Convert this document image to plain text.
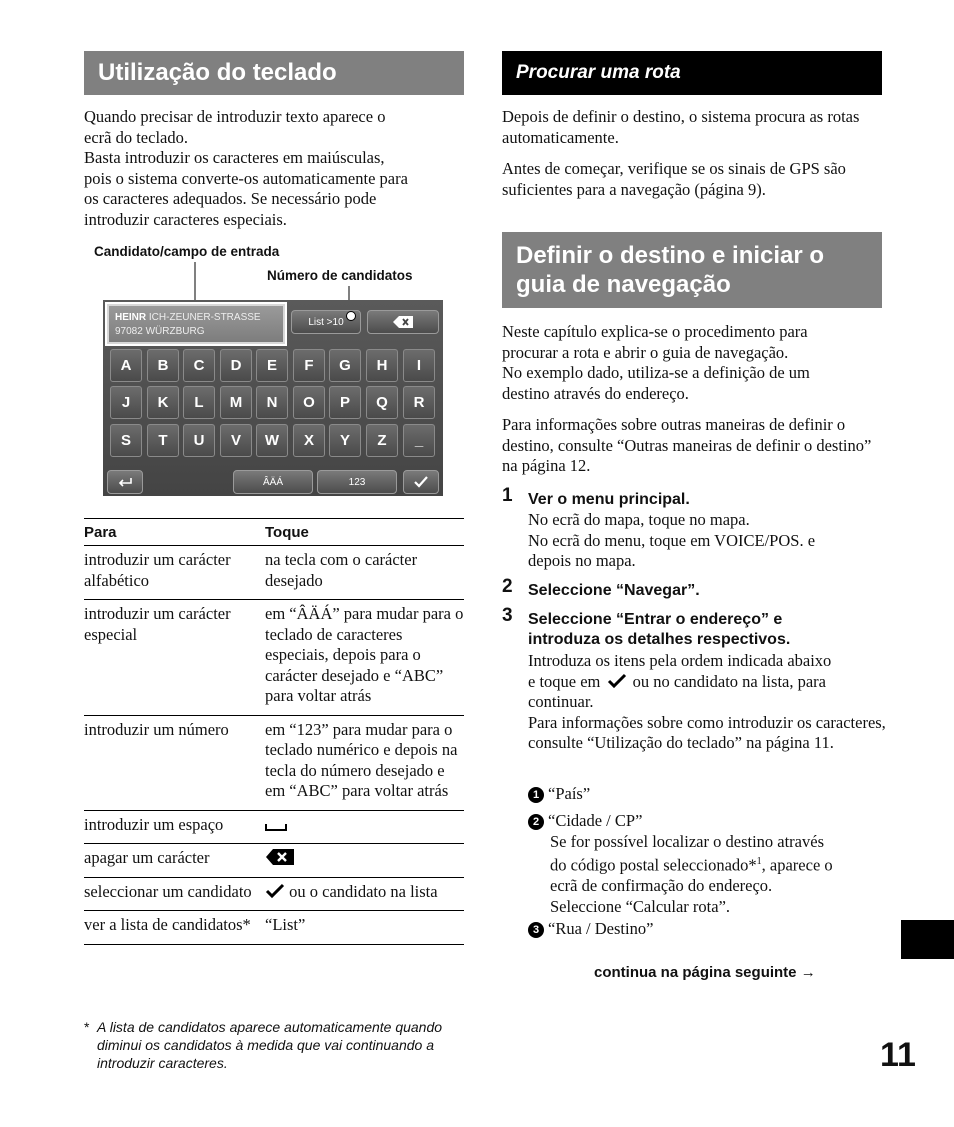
Utilização do teclado

Quando precisar de introduzir texto aparece o

ecrã do teclado.

Basta introduzir os caracteres em maiúsculas,

pois o sistema converte-os automaticamente para

os caracteres adequados. Se necessário pode

introduzir caracteres especiais.

Candidato/campo de entrada
Número de candidatos
HEINR ICH-ZEUNER-STRASSE
97082 WÜRZBURG
List >10
A	B	C	D	E	F	G	H	I
J	K	L	M	N	O	P	Q	R
S	T	U	V	W	X	Y	Z	_
ÂÄÁ	123
Para	Toque
introduzir um carácter alfabético	na tecla com o carácter desejado
introduzir um carácter especial	em “ÂÄÁ” para mudar para o teclado de caracteres especiais, depois para o carácter desejado e “ABC” para voltar atrás
introduzir um número	em “123” para mudar para o teclado numérico e depois na tecla do número desejado e em “ABC” para voltar atrás
introduzir um espaço	
apagar um carácter	
seleccionar um candidato	ou o candidato na lista
ver a lista de candidatos*	“List”
* A lista de candidatos aparece automaticamente quando diminui os candidatos à medida que vai continuando a introduzir caracteres.
Procurar uma rota

Depois de definir o destino, o sistema procura as rotas automaticamente.

Antes de começar, verifique se os sinais de GPS são suficientes para a navegação (página 9).

Definir o destino e iniciar o
guia de navegação

Neste capítulo explica-se o procedimento para

procurar a rota e abrir o guia de navegação.

No exemplo dado, utiliza-se a definição de um

destino através do endereço.

Para informações sobre outras maneiras de definir o destino, consulte “Outras maneiras de definir o destino” na página 12.

1 Ver o menu principal.

No ecrã do mapa, toque no mapa.

No ecrã do menu, toque em VOICE/POS. e

depois no mapa.

2 Seleccione “Navegar”.
3 Seleccione “Entrar o endereço” e
introduza os detalhes respectivos.

Introduza os itens pela ordem indicada abaixo

e toque em ou no candidato na lista, para

continuar.

Para informações sobre como introduzir os caracteres, consulte “Utilização do teclado” na página 11.

1 “País”
2 “Cidade / CP”

Se for possível localizar o destino através

do código postal seleccionado*$^1$, aparece o

ecrã de confirmação do endereço.

Seleccione “Calcular rota”.

3 “Rua / Destino”
continua na página seguinte →
11
